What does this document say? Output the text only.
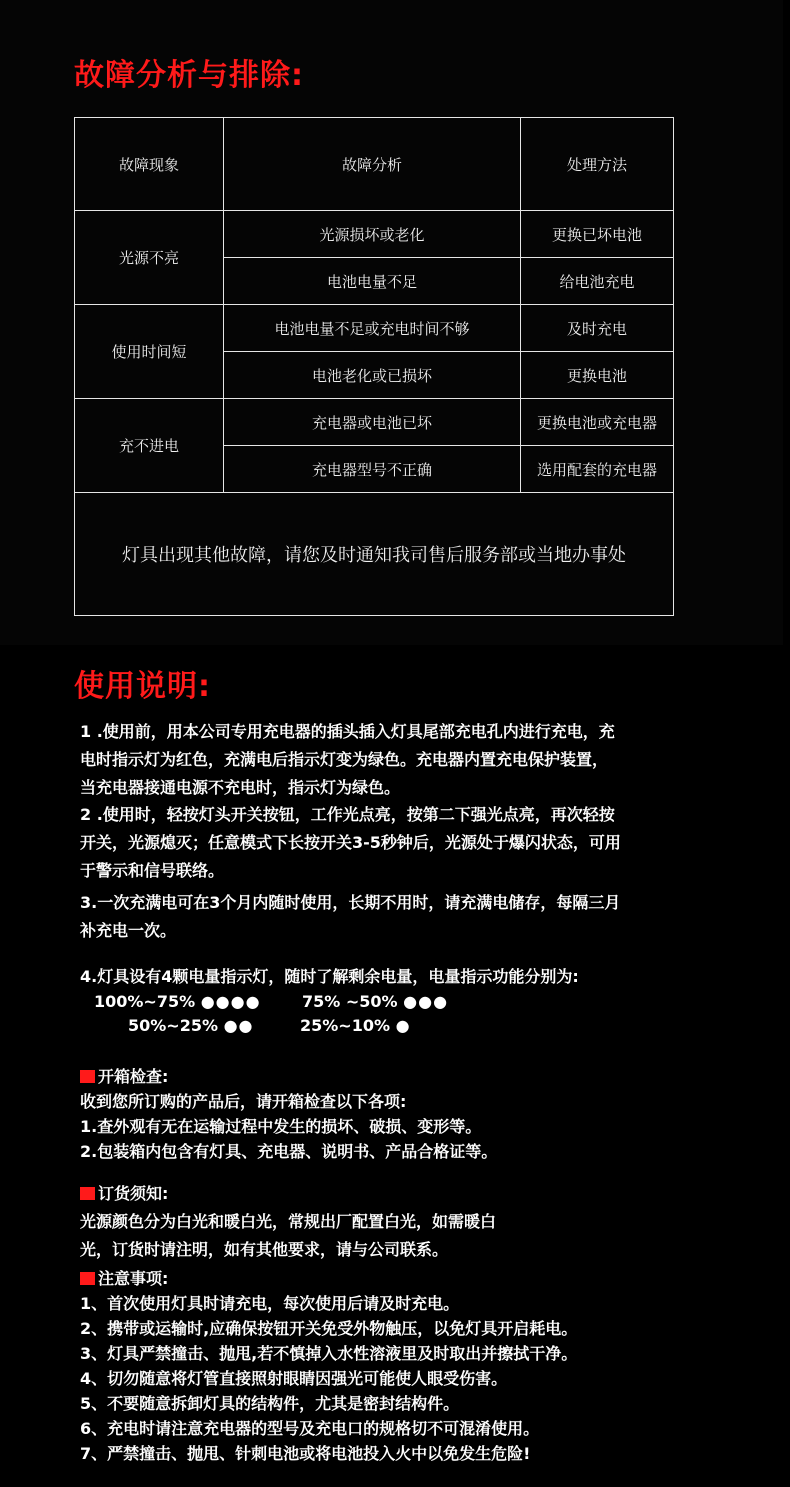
故障分析与排除:
故障现象	故障分析	处理方法
光源不亮	光源损坏或老化	更换已坏电池
	电池电量不足	给电池充电
使用时间短	电池电量不足或充电时间不够	及时充电
	电池老化或已损坏	更换电池
充不进电	充电器或电池已坏	更换电池或充电器
	充电器型号不正确	选用配套的充电器
灯具出现其他故障，请您及时通知我司售后服务部或当地办事处		
使用说明:
1 .使用前，用本公司专用充电器的插头插入灯具尾部充电孔内进行充电，充
电时指示灯为红色，充满电后指示灯变为绿色。充电器内置充电保护装置，
当充电器接通电源不充电时，指示灯为绿色。
2 .使用时，轻按灯头开关按钮，工作光点亮，按第二下强光点亮，再次轻按
开关，光源熄灭；任意模式下长按开关3-5秒钟后，光源处于爆闪状态，可用
于警示和信号联络。
3.一次充满电可在3个月内随时使用，长期不用时，请充满电储存，每隔三月
补充电一次。
4.灯具设有4颗电量指示灯，随时了解剩余电量，电量指示功能分别为:
100%~75% ●●●●	75% ~50% ●●●
50%~25% ●●	25%~10% ●
开箱检查:
收到您所订购的产品后，请开箱检查以下各项:
1.查外观有无在运输过程中发生的损坏、破损、变形等。
2.包装箱内包含有灯具、充电器、说明书、产品合格证等。
订货须知:
光源颜色分为白光和暖白光，常规出厂配置白光，如需暖白
光，订货时请注明，如有其他要求，请与公司联系。
注意事项:
1、首次使用灯具时请充电，每次使用后请及时充电。
2、携带或运输时,应确保按钮开关免受外物触压，以免灯具开启耗电。
3、灯具严禁撞击、抛甩,若不慎掉入水性溶液里及时取出并擦拭干净。
4、切勿随意将灯管直接照射眼睛因强光可能使人眼受伤害。
5、不要随意拆卸灯具的结构件，尤其是密封结构件。
6、充电时请注意充电器的型号及充电口的规格切不可混淆使用。
7、严禁撞击、抛甩、针刺电池或将电池投入火中以免发生危险!
